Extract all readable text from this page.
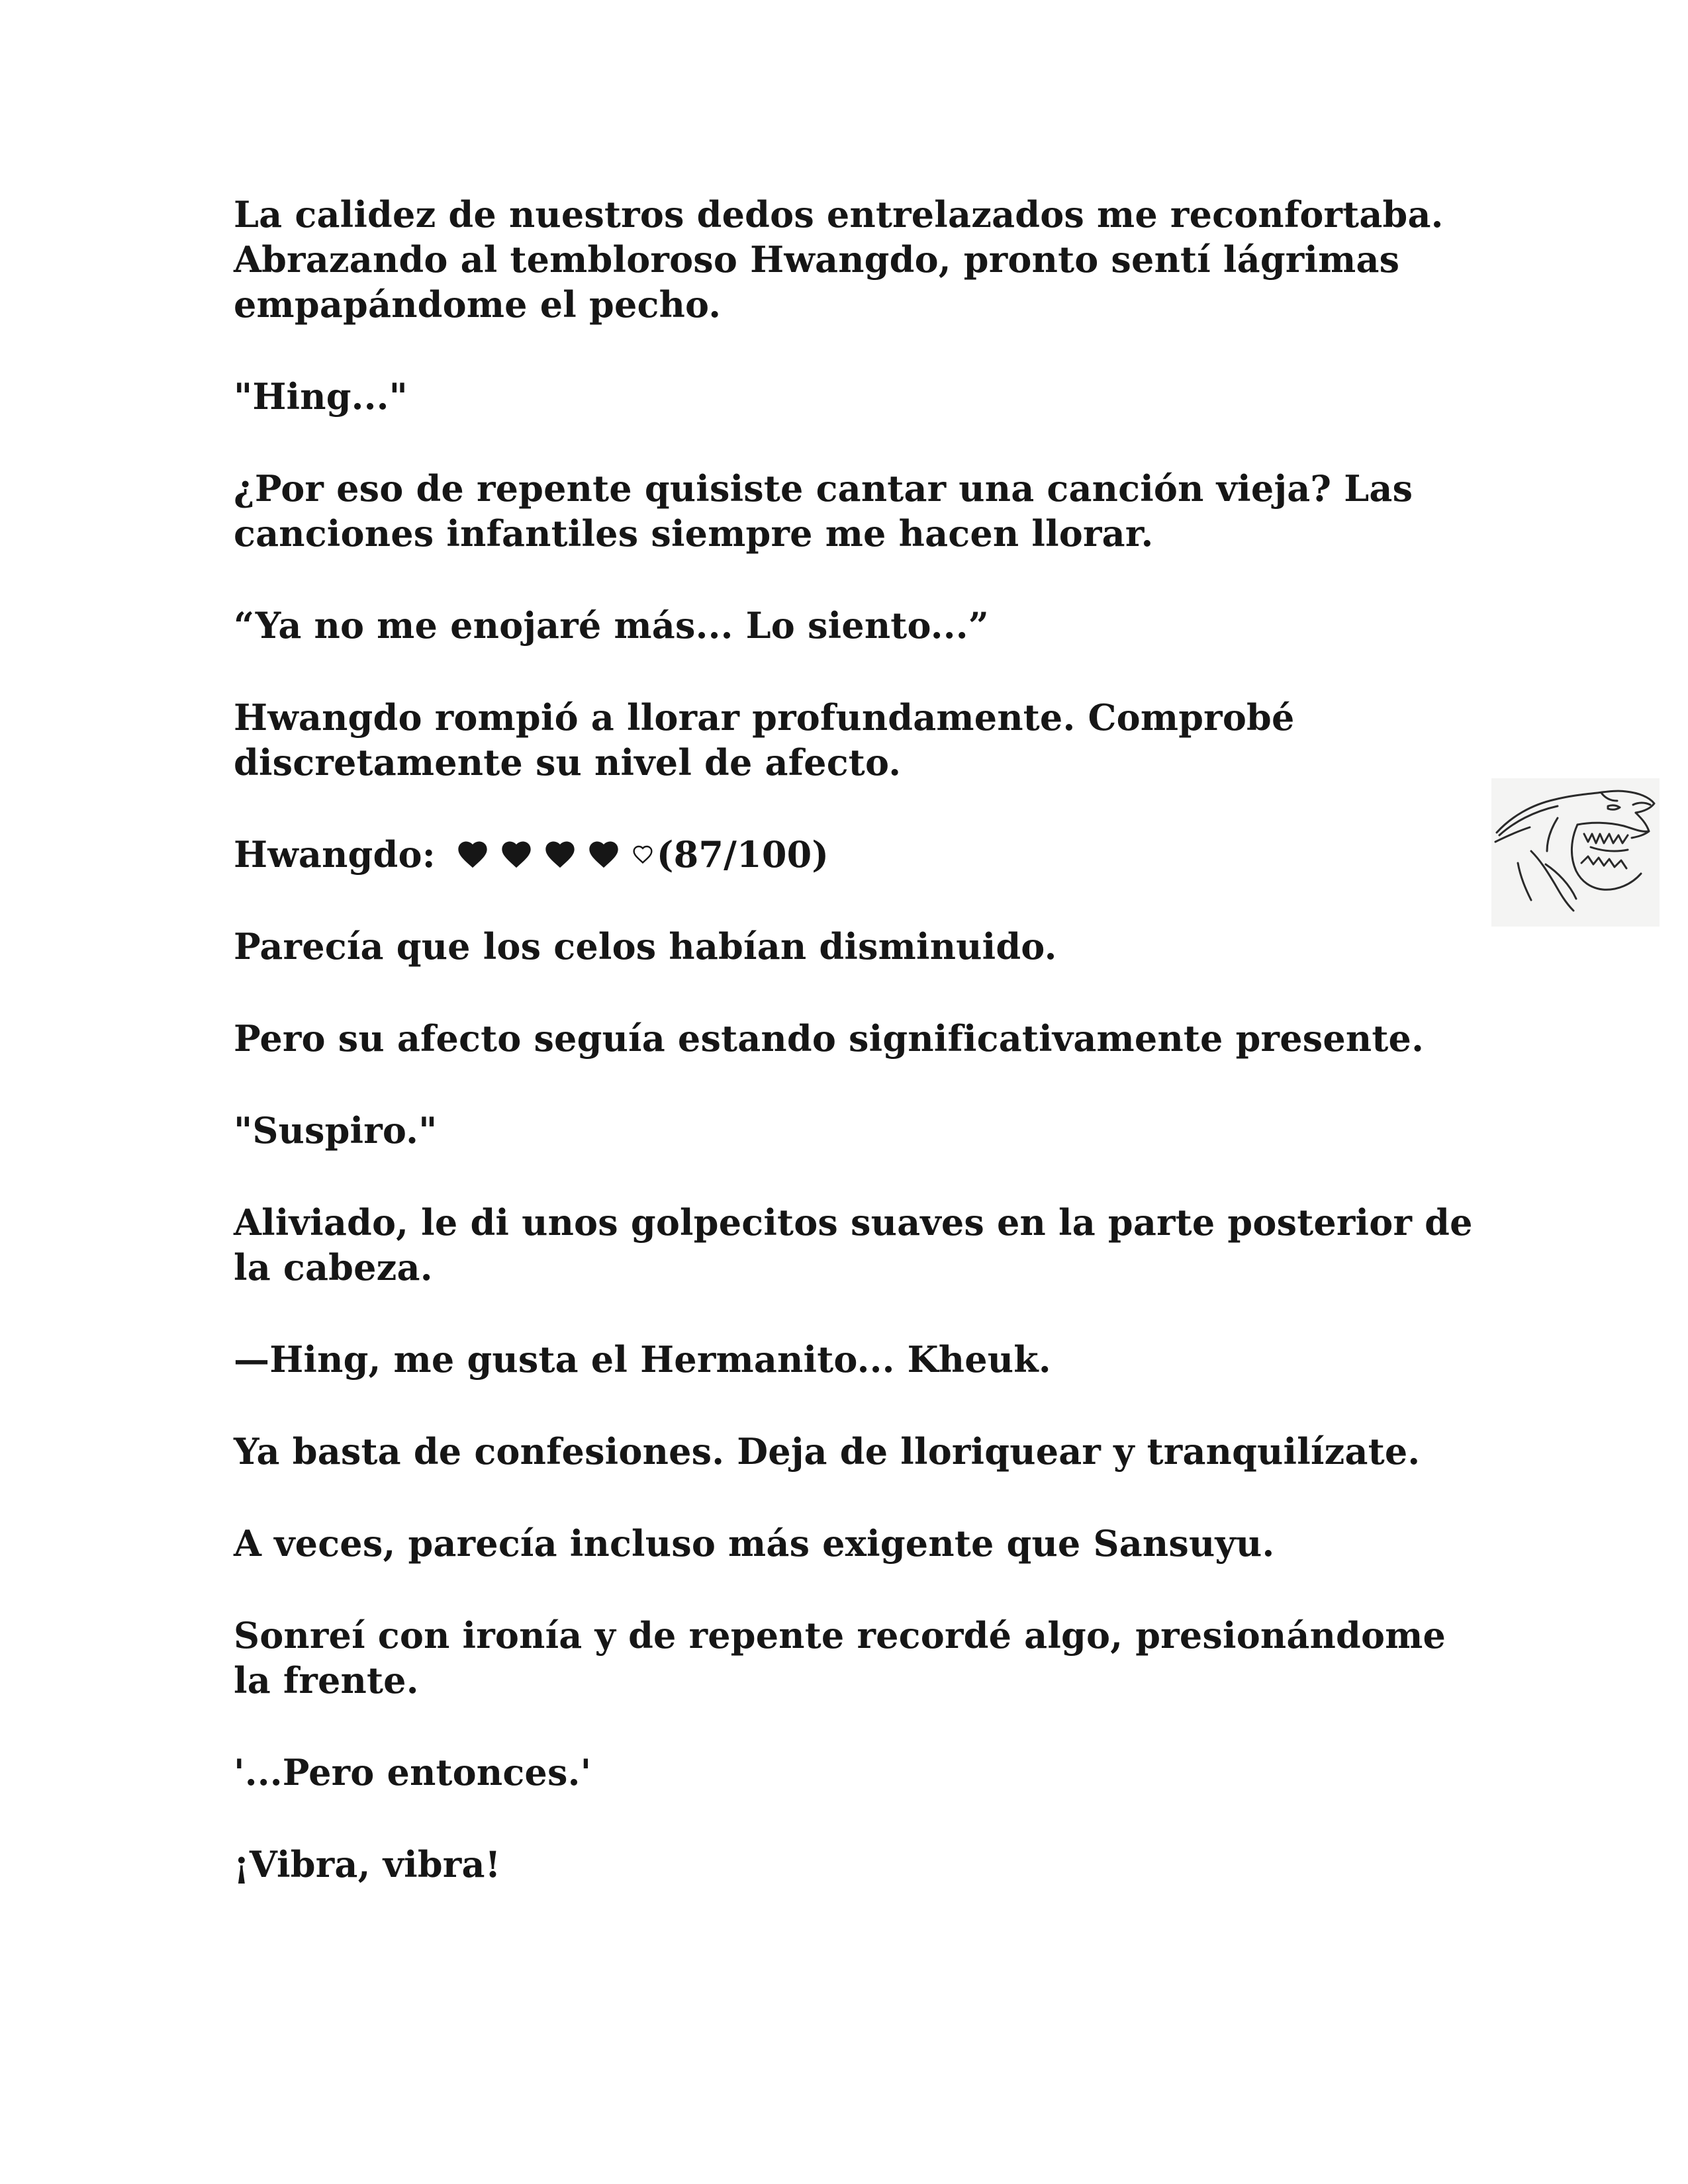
La calidez de nuestros dedos entrelazados me reconfortaba. Abrazando al tembloroso Hwangdo, pronto sentí lágrimas empapándome el pecho.

"Hing..."

¿Por eso de repente quisiste cantar una canción vieja? Las canciones infantiles siempre me hacen llorar.

“Ya no me enojaré más... Lo siento...”

Hwangdo rompió a llorar profundamente. Comprobé discretamente su nivel de afecto.

Hwangdo:	(87/100)

Parecía que los celos habían disminuido.

Pero su afecto seguía estando significativamente presente.

"Suspiro."

Aliviado, le di unos golpecitos suaves en la parte posterior de la cabeza.

—Hing, me gusta el Hermanito... Kheuk.

Ya basta de confesiones. Deja de lloriquear y tranquilízate.

A veces, parecía incluso más exigente que Sansuyu.

Sonreí con ironía y de repente recordé algo, presionándome la frente.

'...Pero entonces.'

¡Vibra, vibra!
